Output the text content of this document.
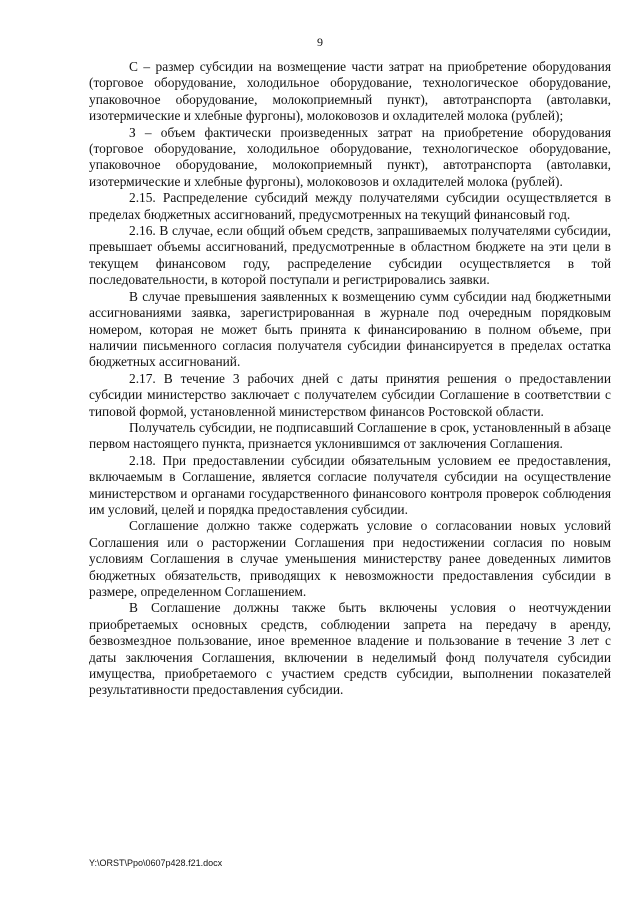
9

С – размер субсидии на возмещение части затрат на приобретение оборудования (торговое оборудование, холодильное оборудование, технологическое оборудование, упаковочное оборудование, молокоприемный пункт), автотранспорта (автолавки, изотермические и хлебные фургоны), молоковозов и охладителей молока (рублей);

З – объем фактически произведенных затрат на приобретение оборудования (торговое оборудование, холодильное оборудование, технологическое оборудование, упаковочное оборудование, молокоприемный пункт), автотранспорта (автолавки, изотермические и хлебные фургоны), молоковозов и охладителей молока (рублей).

2.15. Распределение субсидий между получателями субсидии осуществляется в пределах бюджетных ассигнований, предусмотренных на текущий финансовый год.

2.16. В случае, если общий объем средств, запрашиваемых получателями субсидии, превышает объемы ассигнований, предусмотренные в областном бюджете на эти цели в текущем финансовом году, распределение субсидии осуществляется в той последовательности, в которой поступали и регистрировались заявки.

В случае превышения заявленных к возмещению сумм субсидии над бюджетными ассигнованиями заявка, зарегистрированная в журнале под очередным порядковым номером, которая не может быть принята к финансированию в полном объеме, при наличии письменного согласия получателя субсидии финансируется в пределах остатка бюджетных ассигнований.

2.17. В течение 3 рабочих дней с даты принятия решения о предоставлении субсидии министерство заключает с получателем субсидии Соглашение в соответствии с типовой формой, установленной министерством финансов Ростовской области.

Получатель субсидии, не подписавший Соглашение в срок, установленный в абзаце первом настоящего пункта, признается уклонившимся от заключения Соглашения.

2.18. При предоставлении субсидии обязательным условием ее предоставления, включаемым в Соглашение, является согласие получателя субсидии на осуществление министерством и органами государственного финансового контроля проверок соблюдения им условий, целей и порядка предоставления субсидии.

Соглашение должно также содержать условие о согласовании новых условий Соглашения или о расторжении Соглашения при недостижении согласия по новым условиям Соглашения в случае уменьшения министерству ранее доведенных лимитов бюджетных обязательств, приводящих к невозможности предоставления субсидии в размере, определенном Соглашением.

В Соглашение должны также быть включены условия о неотчуждении приобретаемых основных средств, соблюдении запрета на передачу в аренду, безвозмездное пользование, иное временное владение и пользование в течение 3 лет с даты заключения Соглашения, включении в неделимый фонд получателя субсидии имущества, приобретаемого с участием средств субсидии, выполнении показателей результативности предоставления субсидии.

Y:\ORST\Ppo\0607p428.f21.docx
